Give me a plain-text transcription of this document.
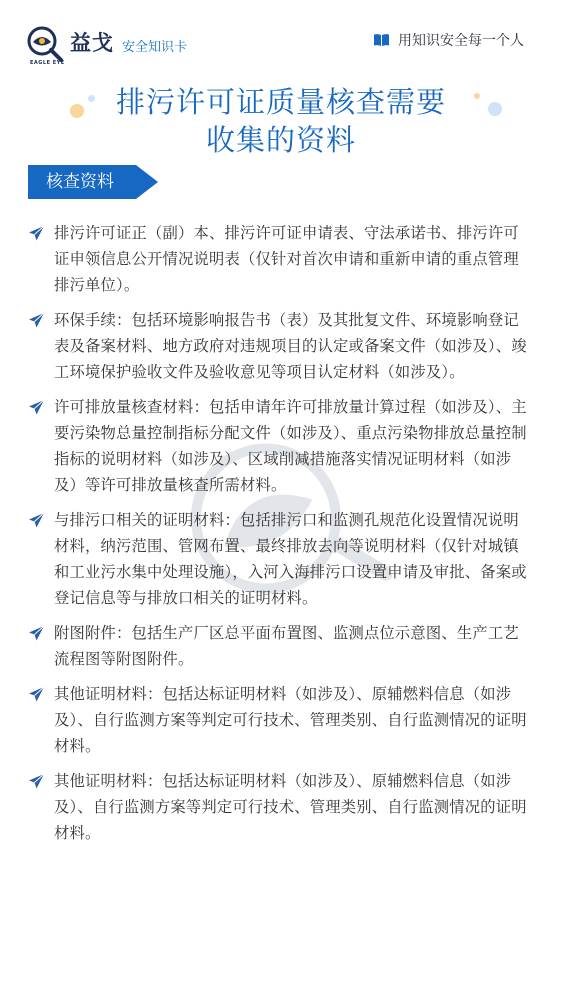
益戈
EAGLE EYE
安全知识卡	用知识安全每一个人
排污许可证质量核查需要
收集的资料
核查资料
排污许可证正（副）本、排污许可证申请表、守法承诺书、排污许可证申领信息公开情况说明表（仅针对首次申请和重新申请的重点管理排污单位）。
环保手续：包括环境影响报告书（表）及其批复文件、环境影响登记表及备案材料、地方政府对违规项目的认定或备案文件（如涉及）、竣工环境保护验收文件及验收意见等项目认定材料（如涉及）。
许可排放量核查材料：包括申请年许可排放量计算过程（如涉及）、主要污染物总量控制指标分配文件（如涉及）、重点污染物排放总量控制指标的说明材料（如涉及）、区域削减措施落实情况证明材料（如涉及）等许可排放量核查所需材料。
与排污口相关的证明材料：包括排污口和监测孔规范化设置情况说明材料，纳污范围、管网布置、最终排放去向等说明材料（仅针对城镇和工业污水集中处理设施），入河入海排污口设置申请及审批、备案或登记信息等与排放口相关的证明材料。
附图附件：包括生产厂区总平面布置图、监测点位示意图、生产工艺流程图等附图附件。
其他证明材料：包括达标证明材料（如涉及）、原辅燃料信息（如涉及）、自行监测方案等判定可行技术、管理类别、自行监测情况的证明材料。
其他证明材料：包括达标证明材料（如涉及）、原辅燃料信息（如涉及）、自行监测方案等判定可行技术、管理类别、自行监测情况的证明材料。
